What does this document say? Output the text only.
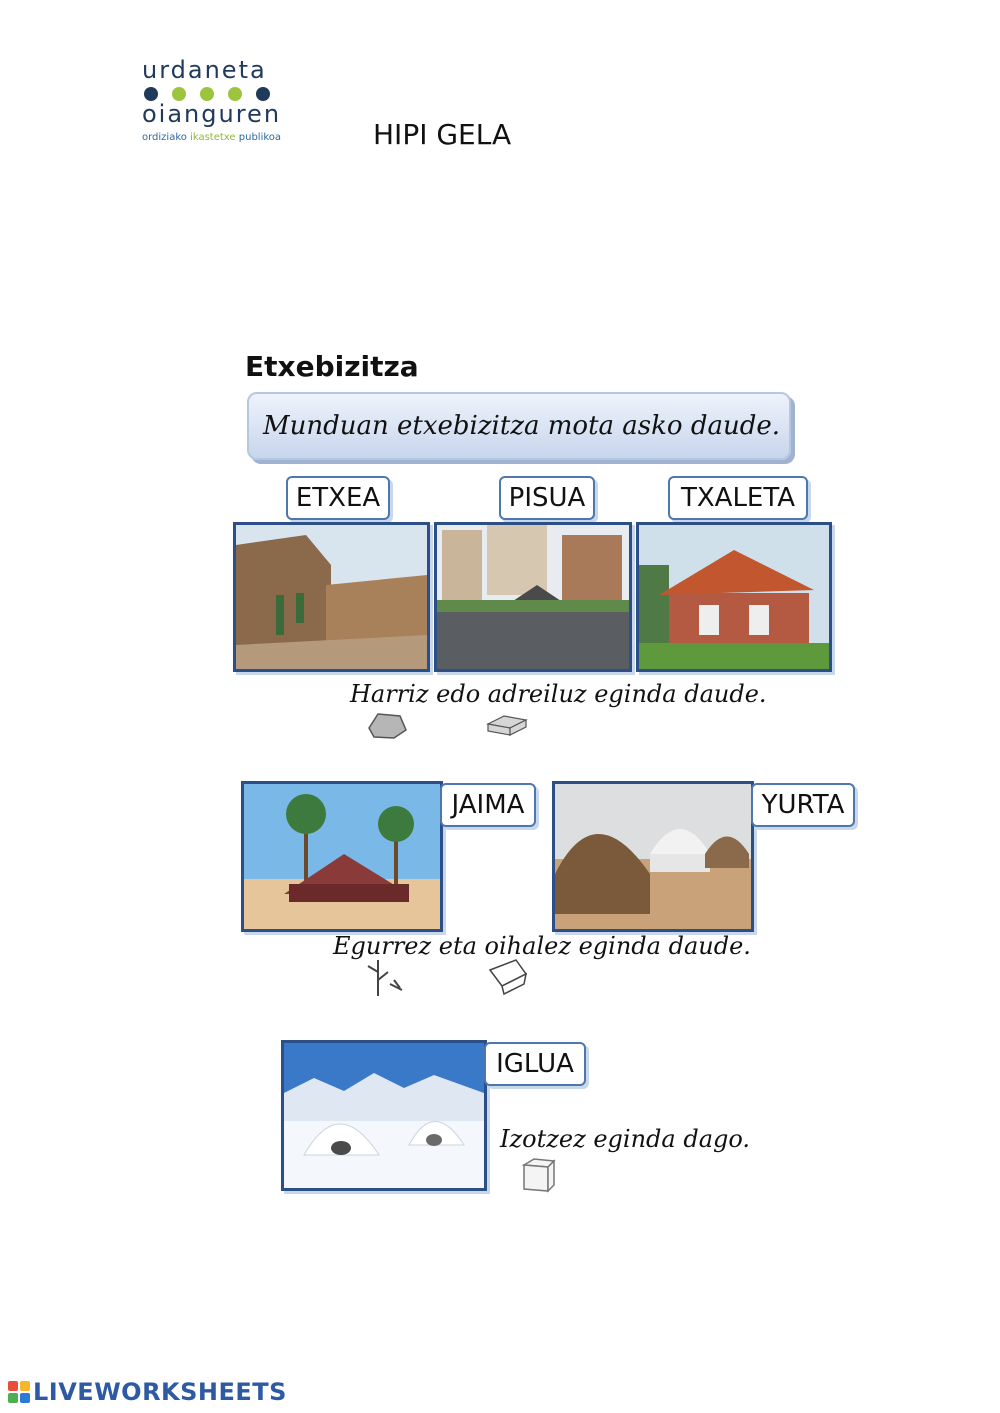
urdaneta
oianguren
ordiziako ikastetxe publikoa	HIPI GELA
Etxebizitza
Munduan etxebizitza mota asko daude.
ETXEA	PISUA	TXALETA
Harriz edo adreiluz eginda daude.
JAIMA	YURTA
Egurrez eta oihalez eginda daude.
IGLUA
Izotzez eginda dago.
LIVEWORKSHEETS
